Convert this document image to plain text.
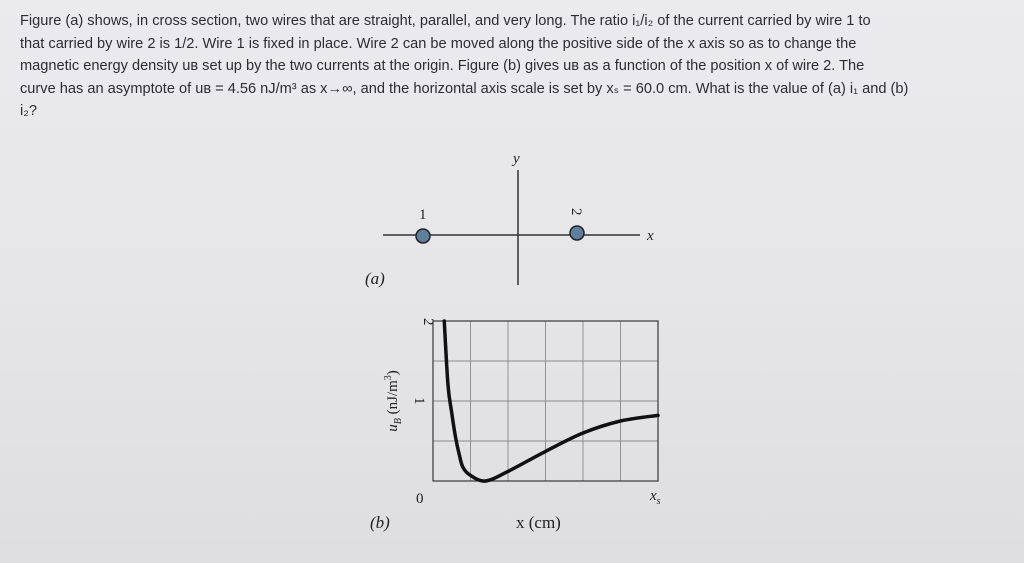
Figure (a) shows, in cross section, two wires that are straight, parallel, and very long. The ratio i₁/i₂ of the current carried by wire 1 to

that carried by wire 2 is 1/2. Wire 1 is fixed in place. Wire 2 can be moved along the positive side of the x axis so as to change the

magnetic energy density uʙ set up by the two currents at the origin. Figure (b) gives uʙ as a function of the position x of wire 2. The

curve has an asymptote of uʙ = 4.56 nJ/m³ as x→∞, and the horizontal axis scale is set by xₛ = 60.0 cm. What is the value of (a) i₁ and (b)

i₂?

y
x
1	2
(a)
2
1
0	$x_s$
$u_B$ $(nJ/m^3)$
x (cm)
(b)
